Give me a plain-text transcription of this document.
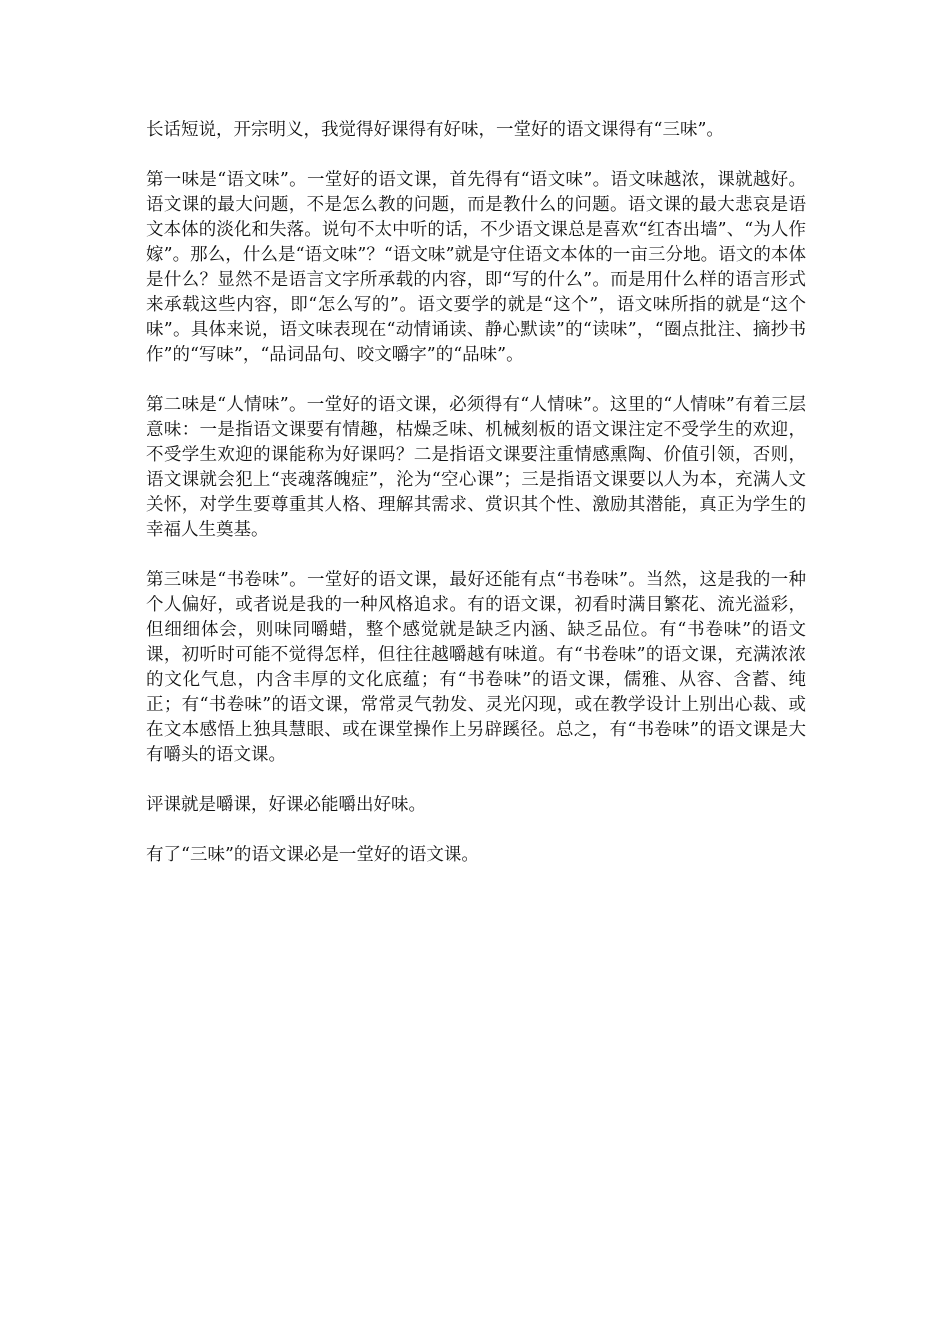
长话短说，开宗明义，我觉得好课得有好味，一堂好的语文课得有“三味”。

第一味是“语文味”。一堂好的语文课，首先得有“语文味”。语文味越浓，课就越好。语文课的最大问题，不是怎么教的问题，而是教什么的问题。语文课的最大悲哀是语文本体的淡化和失落。说句不太中听的话，不少语文课总是喜欢“红杏出墙”、“为人作嫁”。那么，什么是“语文味”？“语文味”就是守住语文本体的一亩三分地。语文的本体是什么？显然不是语言文字所承载的内容，即“写的什么”。而是用什么样的语言形式来承载这些内容，即“怎么写的”。语文要学的就是“这个”，语文味所指的就是“这个味”。具体来说，语文味表现在“动情诵读、静心默读”的“读味”，“圈点批注、摘抄书作”的“写味”，“品词品句、咬文嚼字”的“品味”。

第二味是“人情味”。一堂好的语文课，必须得有“人情味”。这里的“人情味”有着三层意味：一是指语文课要有情趣，枯燥乏味、机械刻板的语文课注定不受学生的欢迎，不受学生欢迎的课能称为好课吗？二是指语文课要注重情感熏陶、价值引领，否则，语文课就会犯上“丧魂落魄症”，沦为“空心课”；三是指语文课要以人为本，充满人文关怀，对学生要尊重其人格、理解其需求、赏识其个性、激励其潜能，真正为学生的幸福人生奠基。

第三味是“书卷味”。一堂好的语文课，最好还能有点“书卷味”。当然，这是我的一种个人偏好，或者说是我的一种风格追求。有的语文课，初看时满目繁花、流光溢彩，但细细体会，则味同嚼蜡，整个感觉就是缺乏内涵、缺乏品位。有“书卷味”的语文课，初听时可能不觉得怎样，但往往越嚼越有味道。有“书卷味”的语文课，充满浓浓的文化气息，内含丰厚的文化底蕴；有“书卷味”的语文课，儒雅、从容、含蓄、纯正；有“书卷味”的语文课，常常灵气勃发、灵光闪现，或在教学设计上别出心裁、或在文本感悟上独具慧眼、或在课堂操作上另辟蹊径。总之，有“书卷味”的语文课是大有嚼头的语文课。

评课就是嚼课，好课必能嚼出好味。

有了“三味”的语文课必是一堂好的语文课。
